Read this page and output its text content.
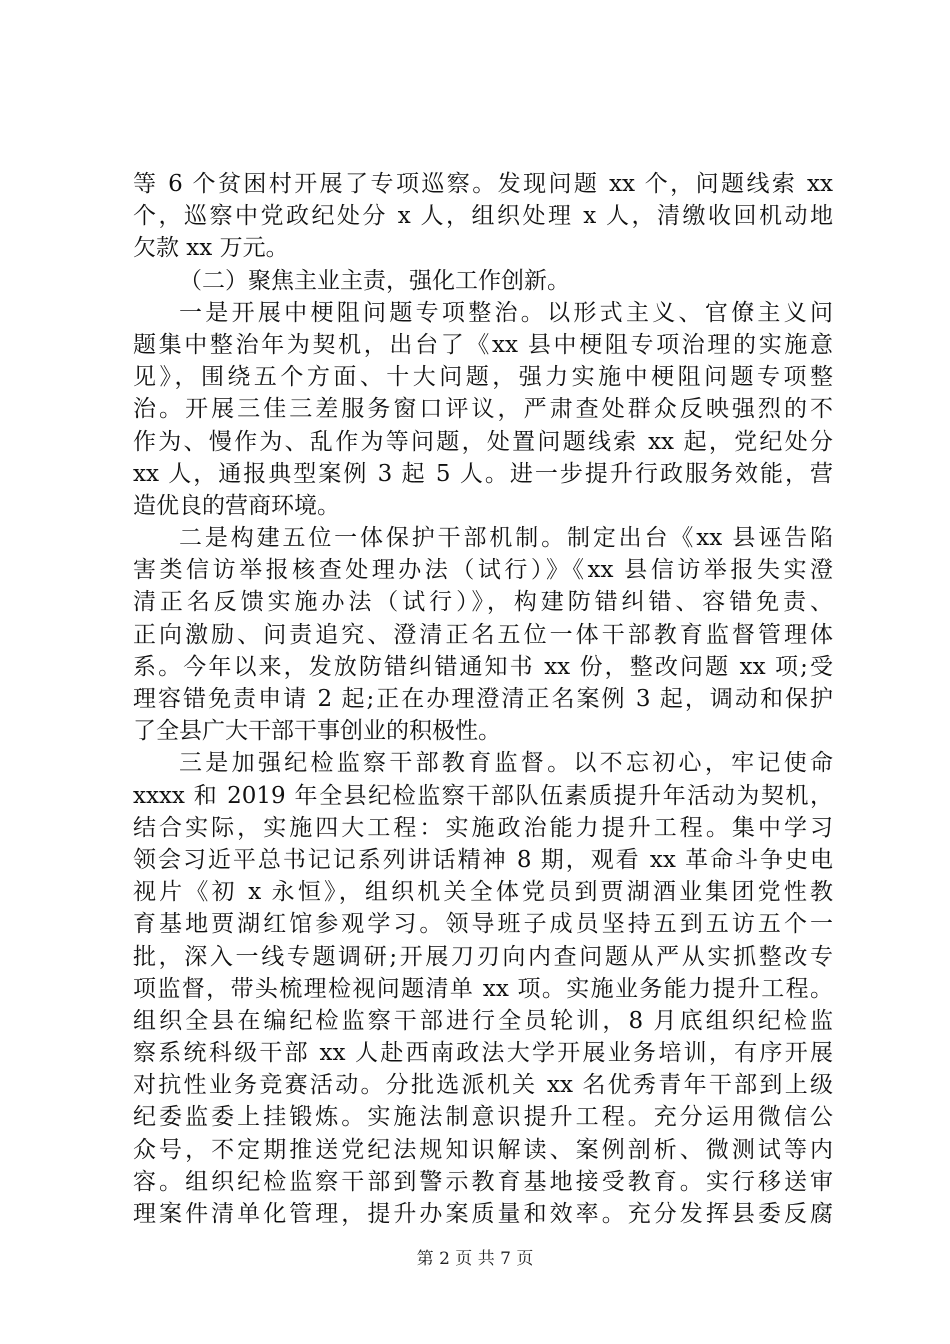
等 6 个贫困村开展了专项巡察。发现问题 xx 个，问题线索 xx
个，巡察中党政纪处分 x 人，组织处理 x 人，清缴收回机动地
欠款 xx 万元。
（二）聚焦主业主责，强化工作创新。
一是开展中梗阻问题专项整治。以形式主义、官僚主义问
题集中整治年为契机，出台了《xx 县中梗阻专项治理的实施意
见》，围绕五个方面、十大问题，强力实施中梗阻问题专项整
治。开展三佳三差服务窗口评议，严肃查处群众反映强烈的不
作为、慢作为、乱作为等问题，处置问题线索 xx 起，党纪处分
xx 人，通报典型案例 3 起 5 人。进一步提升行政服务效能，营
造优良的营商环境。
二是构建五位一体保护干部机制。制定出台《xx 县诬告陷
害类信访举报核查处理办法（试行）》《xx 县信访举报失实澄
清正名反馈实施办法（试行）》，构建防错纠错、容错免责、
正向激励、问责追究、澄清正名五位一体干部教育监督管理体
系。今年以来，发放防错纠错通知书 xx 份，整改问题 xx 项;受
理容错免责申请 2 起;正在办理澄清正名案例 3 起，调动和保护
了全县广大干部干事创业的积极性。
三是加强纪检监察干部教育监督。以不忘初心，牢记使命
xxxx 和 2019 年全县纪检监察干部队伍素质提升年活动为契机，
结合实际，实施四大工程：实施政治能力提升工程。集中学习
领会习近平总书记记系列讲话精神 8 期，观看 xx 革命斗争史电
视片《初 x 永恒》，组织机关全体党员到贾湖酒业集团党性教
育基地贾湖红馆参观学习。领导班子成员坚持五到五访五个一
批，深入一线专题调研;开展刀刃向内查问题从严从实抓整改专
项监督，带头梳理检视问题清单 xx 项。实施业务能力提升工程。
组织全县在编纪检监察干部进行全员轮训，8 月底组织纪检监
察系统科级干部 xx 人赴西南政法大学开展业务培训，有序开展
对抗性业务竞赛活动。分批选派机关 xx 名优秀青年干部到上级
纪委监委上挂锻炼。实施法制意识提升工程。充分运用微信公
众号，不定期推送党纪法规知识解读、案例剖析、微测试等内
容。组织纪检监察干部到警示教育基地接受教育。实行移送审
理案件清单化管理，提升办案质量和效率。充分发挥县委反腐
第 2 页 共 7 页
